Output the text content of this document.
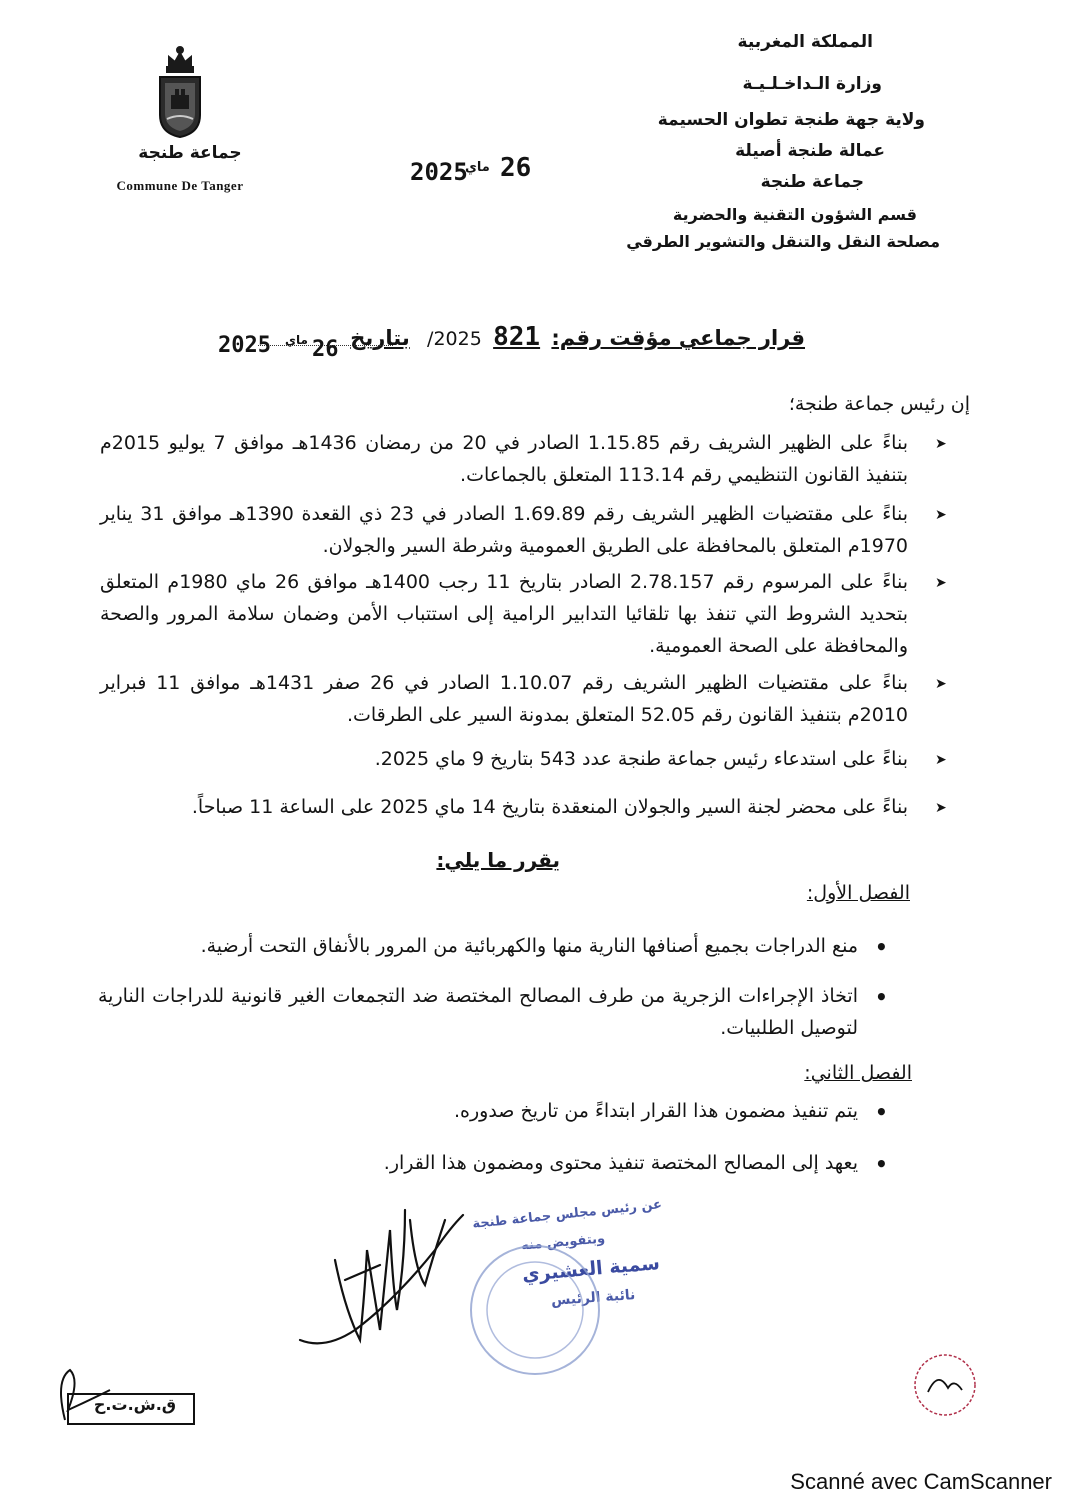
المملكة المغربية
وزارة الـداخـلـيـة
ولاية جهة طنجة تطوان الحسيمة
عمالة طنجة أصيلة
جماعة طنجة
قسم الشؤون التقنية والحضرية
مصلحة النقل والتنقل والتشوير الطرقي
جماعة طنجة
Commune De Tanger	2025
ماي 26
قرار جماعي مؤقت رقم: 821 2025/ بتاريخ
2025 ماي 26
إن رئيس جماعة طنجة؛
➤
بناءً على الظهير الشريف رقم 1.15.85 الصادر في 20 من رمضان 1436هـ موافق 7 يوليو 2015م بتنفيذ القانون التنظيمي رقم 113.14 المتعلق بالجماعات.
➤
بناءً على مقتضيات الظهير الشريف رقم 1.69.89 الصادر في 23 ذي القعدة 1390هـ موافق 31 يناير 1970م المتعلق بالمحافظة على الطريق العمومية وشرطة السير والجولان.
➤
بناءً على المرسوم رقم 2.78.157 الصادر بتاريخ 11 رجب 1400هـ موافق 26 ماي 1980م المتعلق بتحديد الشروط التي تنفذ بها تلقائيا التدابير الرامية إلى استتباب الأمن وضمان سلامة المرور والصحة والمحافظة على الصحة العمومية.
➤
بناءً على مقتضيات الظهير الشريف رقم 1.10.07 الصادر في 26 صفر 1431هـ موافق 11 فبراير 2010م بتنفيذ القانون رقم 52.05 المتعلق بمدونة السير على الطرقات.
➤
بناءً على استدعاء رئيس جماعة طنجة عدد 543 بتاريخ 9 ماي 2025.
➤
بناءً على محضر لجنة السير والجولان المنعقدة بتاريخ 14 ماي 2025 على الساعة 11 صباحاً.
يقرر ما يلي:
الفصل الأول:
•
منع الدراجات بجميع أصنافها النارية منها والكهربائية من المرور بالأنفاق التحت أرضية.
•
اتخاذ الإجراءات الزجرية من طرف المصالح المختصة ضد التجمعات الغير قانونية للدراجات النارية لتوصيل الطلبيات.
الفصل الثاني:
•
يتم تنفيذ مضمون هذا القرار ابتداءً من تاريخ صدوره.
•
يعهد إلى المصالح المختصة تنفيذ محتوى ومضمون هذا القرار.
عن رئيس مجلس جماعة طنجة
وبتفويض منه
سمية العشيري
نائبة الرئيس
ق.ش.ت.ح
Scanné avec CamScanner
